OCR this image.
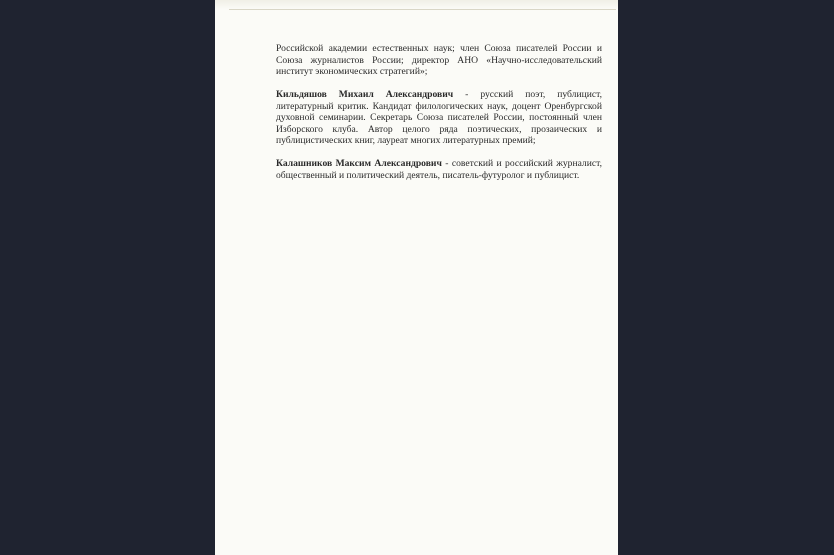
Российской академии естественных наук; член Союза писателей России и Союза журналистов России; директор АНО «Научно-исследовательский институт экономических стратегий»;

Кильдяшов Михаил Александрович - русский поэт, публицист, литературный критик. Кандидат филологических наук, доцент Оренбургской духовной семинарии. Секретарь Союза писателей России, постоянный член Изборского клуба. Автор целого ряда поэтических, прозаических и публицистических книг, лауреат многих литературных премий;

Калашников Максим Александрович - советский и российский журналист, общественный и политический деятель, писатель-футуролог и публицист.
